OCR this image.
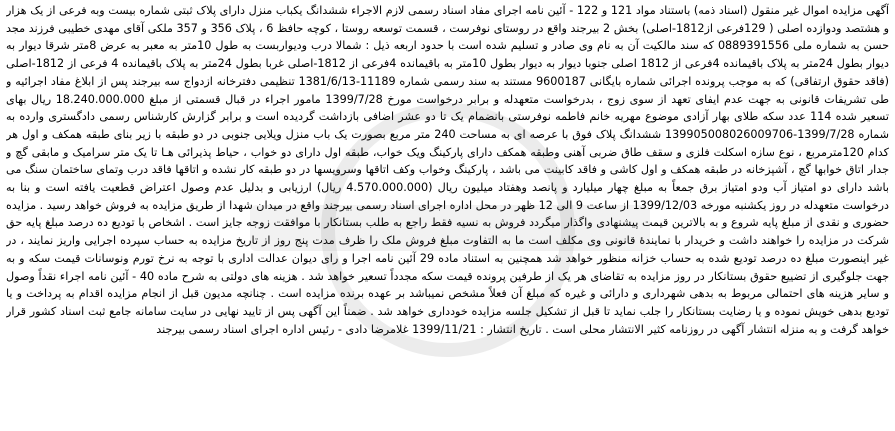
آگهی مزایده اموال غیر منقول (اسناد ذمه) باستناد مواد 121 و 122 - آئین نامه اجرای مفاد اسناد رسمی لازم الاجراء ششدانگ یکباب منزل دارای پلاک ثبتی شماره بیست وبه فرعی از یک هزار و هشتصد ودوازده اصلی ( 129فرعی از1812-اصلی) بخش 2 بیرجند واقع در روستای نوفرست ، قسمت توسعه روستا ، کوچه حافظ 6 ، پلاک 356 و 357 ملکی آقای مهدی خطیبی فرزند مجد حسن به شماره ملی 0889391556 که سند مالکیت آن به نام وی صادر و تسلیم شده است با حدود اربعه ذیل : شمالا درب ودیواربست به طول 10متر به معبر به عرض 8متر شرقا دیوار به دیوار بطول 24متر به پلاک باقیمانده 4فرعی از 1812 اصلی جنوبا دیوار به دیوار بطول 10متر به باقیمانده 4فرعی از 1812-اصلی غربا بطول 24متر به پلاک باقیمانده 4 فرعی از 1812-اصلی (فاقد حقوق ارتفاقی) که به موجب پرونده اجرائی شماره بایگانی 9600187 مستند به سند رسمی شماره 11189-1381/6/13 تنظیمی دفترخانه ازدواج سه بیرجند پس از ابلاغ مفاد اجرائیه و طی تشریفات قانونی به جهت عدم ایفای تعهد از سوی زوج ، بدرخواست متعهدله و برابر درخواست مورخ 1399/7/28 مامور اجراء در قبال قسمتی از مبلغ 18.240.000.000 ریال بهای تسعیر شده 114 عدد سکه طلای بهار آزادی موضوع مهریه خانم فاطمه نوفرستی بانضمام یک تا دو عشر اضافی بازداشت گردیده است و برابر گزارش کارشناس رسمی دادگستری وارده به شماره 1399/7/28-139905008026009706 ششدانگ پلاک فوق با عرصه ای به مساحت 240 متر مربع بصورت یک باب منزل ویلایی جنوبی در دو طبقه با زیر بنای طبقه همکف و اول هر کدام 120مترمربع ، نوع سازه اسکلت فلزی و سقف طاق ضربی آهنی وطبقه همکف دارای پارکینگ ویک خواب، طبقه اول دارای دو خواب ، حیاط پذیرائی هـا تا یک متر سرامیک و مابقی گچ و جدار اتاق خوابها گچ ، آشپزخانه در طبقه همکف و اول کاشی و فاقد کابینت می باشد ، پارکینگ وخواب وکف اتاقها وسرویسها در دو طبقه کار نشده و اتاقها فاقد درب وتمای ساختمان سنگ می باشد دارای دو امتیاز آب ودو امتیاز برق جمعاً به مبلغ چهار میلیارد و پانصد وهفتاد میلیون ریال (4.570.000.000 ریال) ارزیابی و بدلیل عدم وصول اعتراض قطعیت یافته است و بنا به درخواست متعهدله در روز یکشنبه مورخه 1399/12/03 از ساعت 9 الی 12 ظهر در محل اداره اجرای اسناد رسمی بیرجند واقع در میدان شهدا از طریق مزایده به فروش خواهد رسید . مزایده حضوری و نقدی از مبلغ پایه شروع و به بالاترین قیمت پیشنهادی واگذار میگردد فروش به نسیه فقط راجع به طلب بستانکار با موافقت زوجه جایز است . اشخاص با تودیع ده درصد مبلغ پایه حق شرکت در مزایده را خواهند داشت و خریدار با نمایندهٔ قانونی وی مکلف است ما به التفاوت مبلغ فروش ملک را ظرف مدت پنج روز از تاریخ مزایده به حساب سپرده اجرایی واریز نمایند ، در غیر اینصورت مبلغ ده درصد تودیع شده به حساب خزانه منظور خواهد شد همچنین به استناد ماده 29 آئین نامه اجرا و رای دیوان عدالت اداری با توجه به نرخ تورم ونوسانات قیمت سکه و به جهت جلوگیری از تضییع حقوق بستانکار در روز مزایده به تقاضای هر یک از طرفین پرونده قیمت سکه مجدداً تسعیر خواهد شد . هزینه های دولتی به شرح ماده 40 - آئین نامه اجراء نقداً وصول و سایر هزینه های احتمالی مربوط به بدهی شهرداری و دارائی و غیره که مبلغ آن فعلاً مشخص نمیباشد بر عهده برنده مزایده است . چنانچه مدیون قبل از انجام مزایده اقدام به پرداخت و یا تودیع بدهی خویش نموده و یا رضایت بستانکار را جلب نماید تا قبل از تشکیل جلسه مزایده خودداری خواهد شد . ضمناً این آگهی پس از تایید نهایی در سایت سامانه جامع ثبت اسناد کشور قرار خواهد گرفت و به منزله انتشار آگهی در روزنامه کثیر الانتشار محلی است . تاریخ انتشار : 1399/11/21 غلامرضا دادی - رئیس اداره اجرای اسناد رسمی بیرجند
